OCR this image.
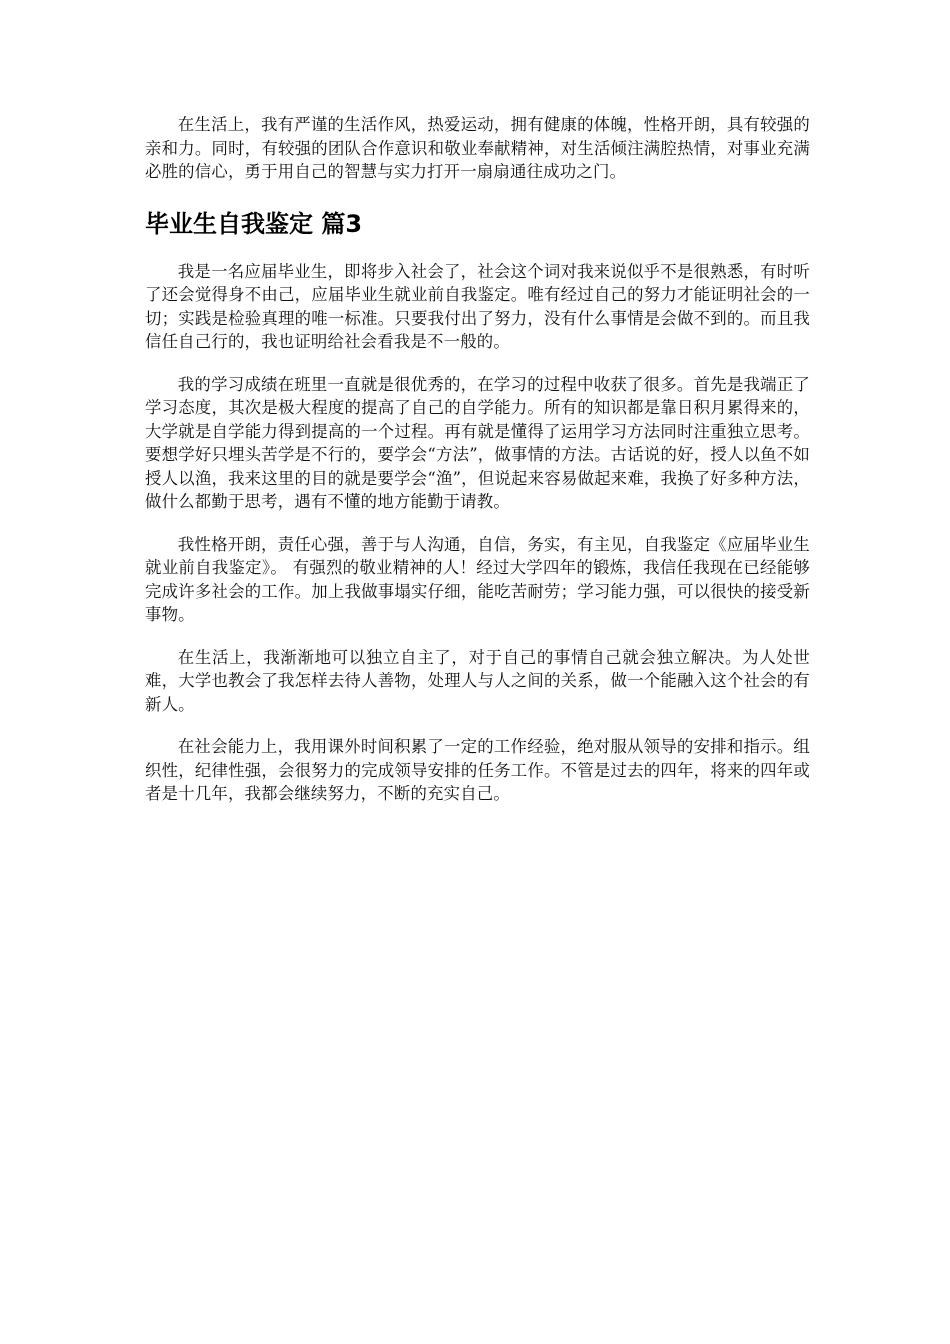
在生活上，我有严谨的生活作风，热爱运动，拥有健康的体魄，性格开朗，具有较强的亲和力。同时，有较强的团队合作意识和敬业奉献精神，对生活倾注满腔热情，对事业充满必胜的信心，勇于用自己的智慧与实力打开一扇扇通往成功之门。

毕业生自我鉴定 篇3

我是一名应届毕业生，即将步入社会了，社会这个词对我来说似乎不是很熟悉，有时听了还会觉得身不由己，应届毕业生就业前自我鉴定。唯有经过自己的努力才能证明社会的一切；实践是检验真理的唯一标准。只要我付出了努力，没有什么事情是会做不到的。而且我信任自己行的，我也证明给社会看我是不一般的。

我的学习成绩在班里一直就是很优秀的，在学习的过程中收获了很多。首先是我端正了学习态度，其次是极大程度的提高了自己的自学能力。所有的知识都是靠日积月累得来的，大学就是自学能力得到提高的一个过程。再有就是懂得了运用学习方法同时注重独立思考。要想学好只埋头苦学是不行的，要学会“方法”，做事情的方法。古话说的好，授人以鱼不如授人以渔，我来这里的目的就是要学会“渔”，但说起来容易做起来难，我换了好多种方法，做什么都勤于思考，遇有不懂的地方能勤于请教。

我性格开朗，责任心强，善于与人沟通，自信，务实，有主见，自我鉴定《应届毕业生就业前自我鉴定》。 有强烈的敬业精神的人！经过大学四年的锻炼，我信任我现在已经能够完成许多社会的工作。加上我做事塌实仔细，能吃苦耐劳；学习能力强，可以很快的接受新事物。

在生活上，我渐渐地可以独立自主了，对于自己的事情自己就会独立解决。为人处世难，大学也教会了我怎样去待人善物，处理人与人之间的关系，做一个能融入这个社会的有新人。

在社会能力上，我用课外时间积累了一定的工作经验，绝对服从领导的安排和指示。组织性，纪律性强，会很努力的完成领导安排的任务工作。不管是过去的四年，将来的四年或者是十几年，我都会继续努力，不断的充实自己。
